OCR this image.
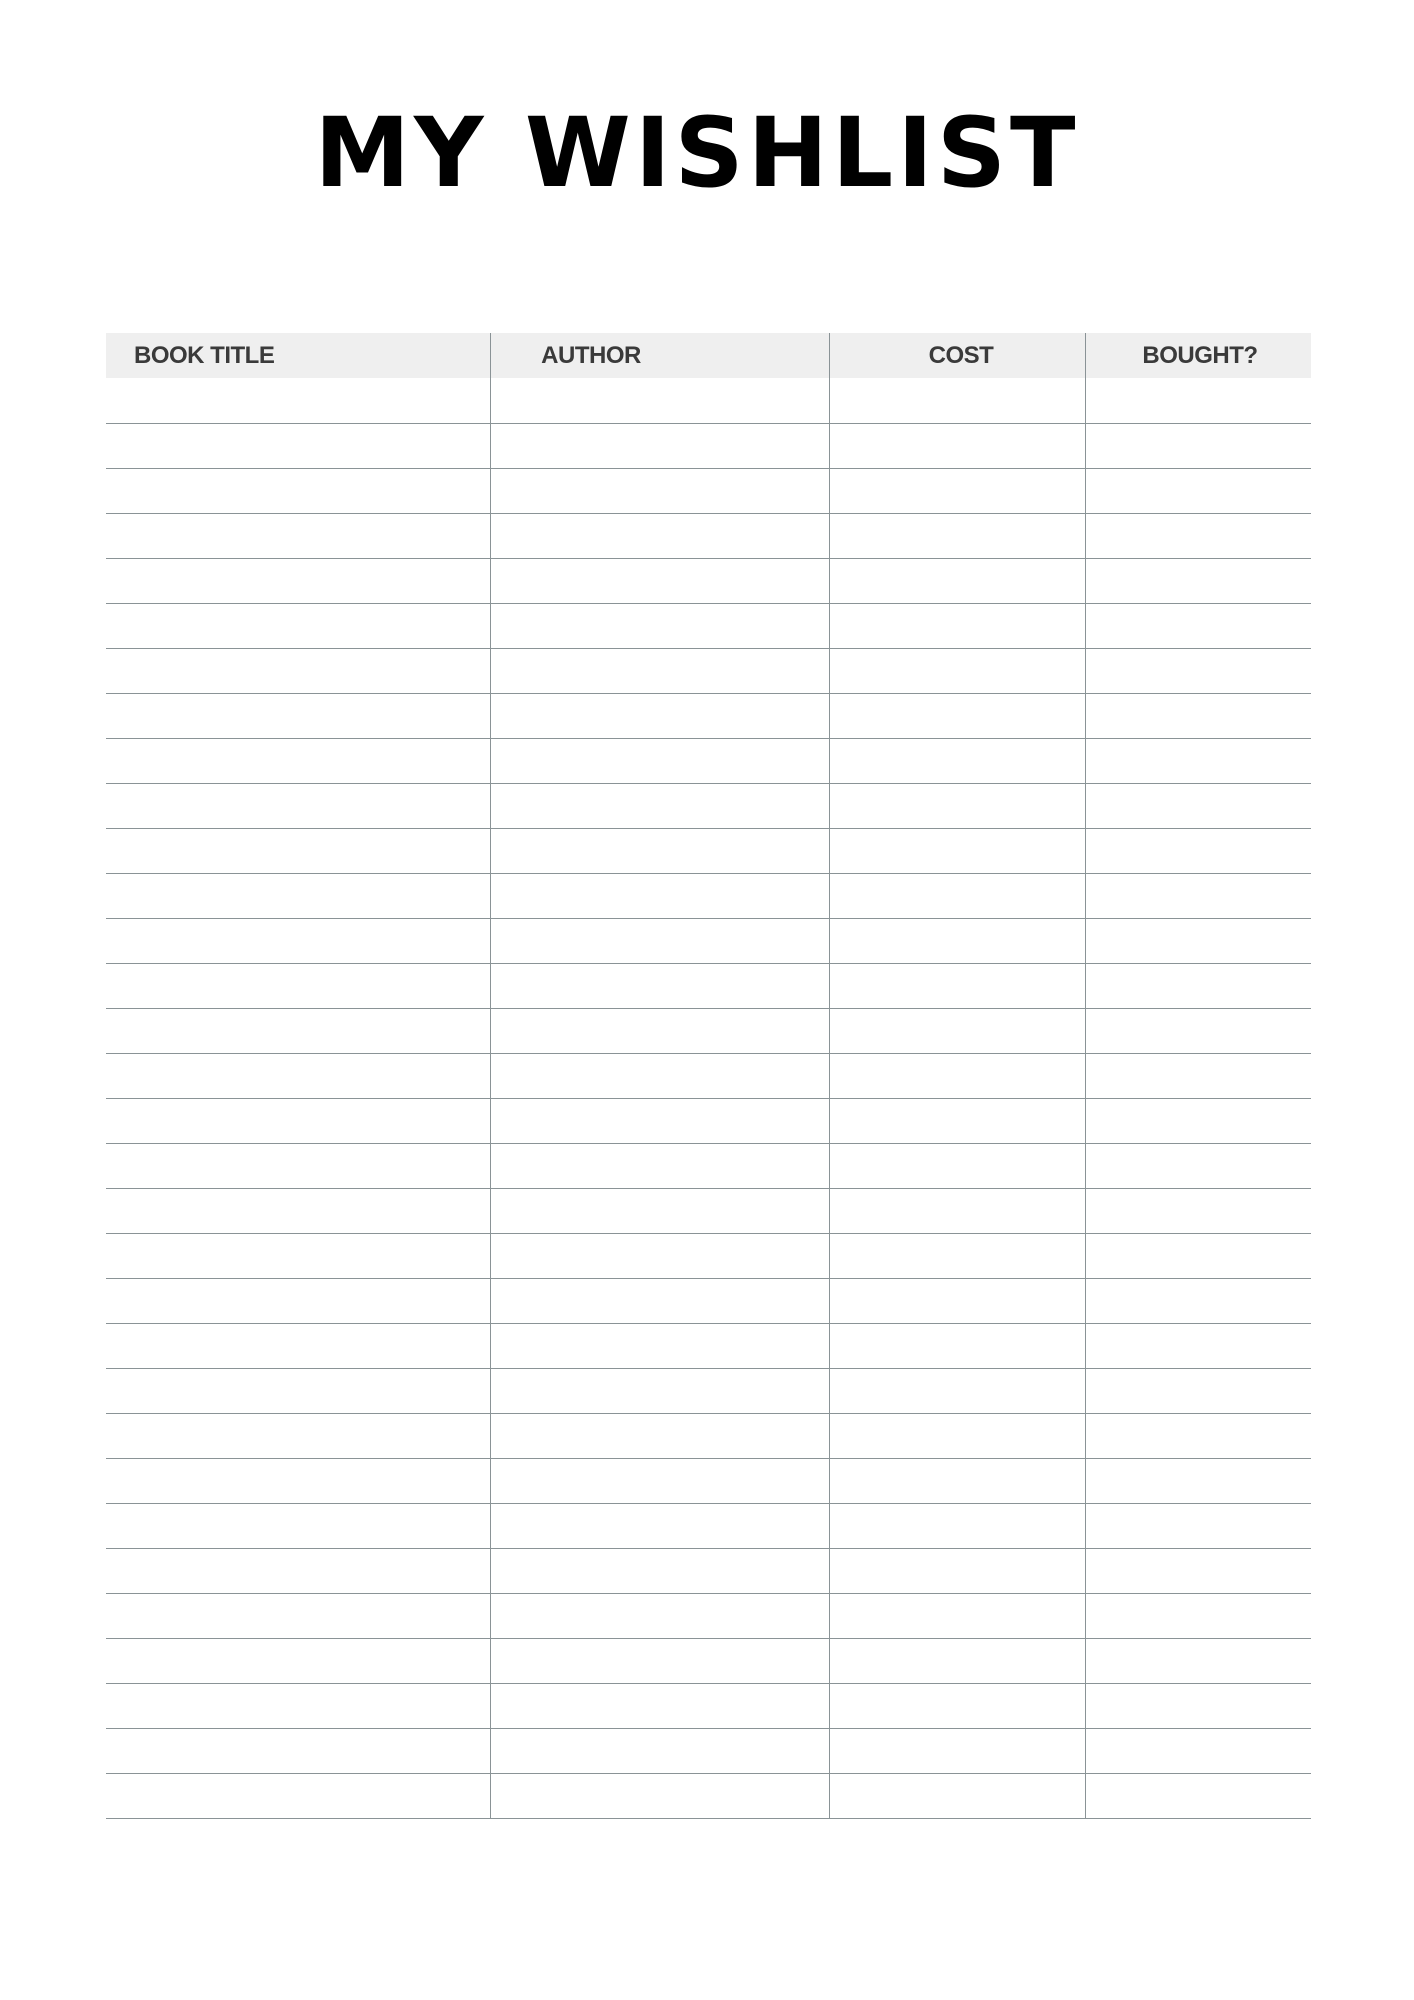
MY WISHLIST
BOOK TITLE	AUTHOR	COST	BOUGHT?
